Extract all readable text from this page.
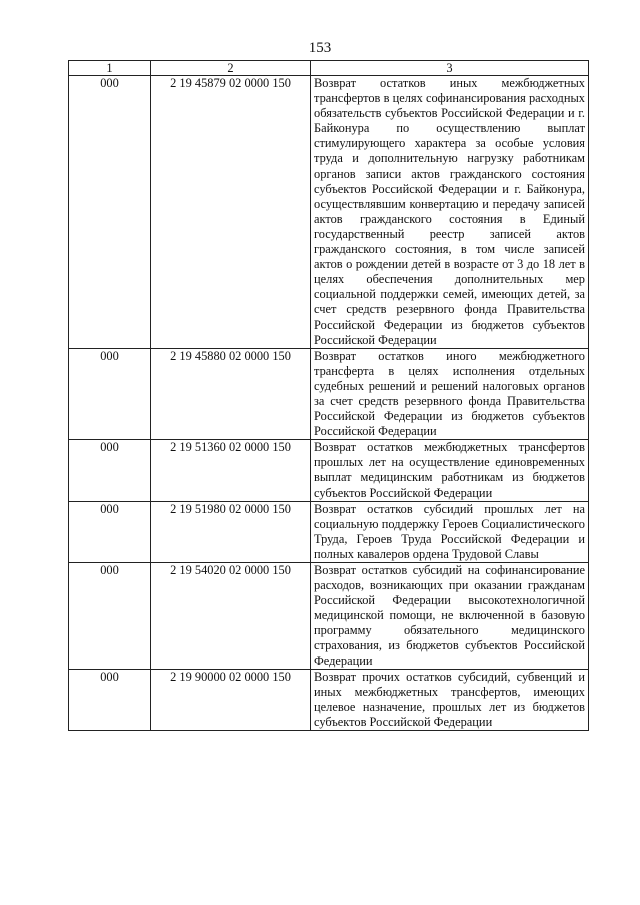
153
1	2	3
000	2 19 45879 02 0000 150	Возврат остатков иных межбюджетных трансфертов в целях софинансирования расходных обязательств субъектов Российской Федерации и г. Байконура по осуществлению выплат стимулирующего характера за особые условия труда и дополнительную нагрузку работникам органов записи актов гражданского состояния субъектов Российской Федерации и г. Байконура, осуществлявшим конвертацию и передачу записей актов гражданского состояния в Единый государственный реестр записей актов гражданского состояния, в том числе записей актов о рождении детей в возрасте от 3 до 18 лет в целях обеспечения дополнительных мер социальной поддержки семей, имеющих детей, за счет средств резервного фонда Правительства Российской Федерации из бюджетов субъектов Российской Федерации
000	2 19 45880 02 0000 150	Возврат остатков иного межбюджетного трансферта в целях исполнения отдельных судебных решений и решений налоговых органов за счет средств резервного фонда Правительства Российской Федерации из бюджетов субъектов Российской Федерации
000	2 19 51360 02 0000 150	Возврат остатков межбюджетных трансфертов прошлых лет на осуществление единовременных выплат медицинским работникам из бюджетов субъектов Российской Федерации
000	2 19 51980 02 0000 150	Возврат остатков субсидий прошлых лет на социальную поддержку Героев Социалистического Труда, Героев Труда Российской Федерации и полных кавалеров ордена Трудовой Славы
000	2 19 54020 02 0000 150	Возврат остатков субсидий на софинансирование расходов, возникающих при оказании гражданам Российской Федерации высокотехнологичной медицинской помощи, не включенной в базовую программу обязательного медицинского страхования, из бюджетов субъектов Российской Федерации
000	2 19 90000 02 0000 150	Возврат прочих остатков субсидий, субвенций и иных межбюджетных трансфертов, имеющих целевое назначение, прошлых лет из бюджетов субъектов Российской Федерации
